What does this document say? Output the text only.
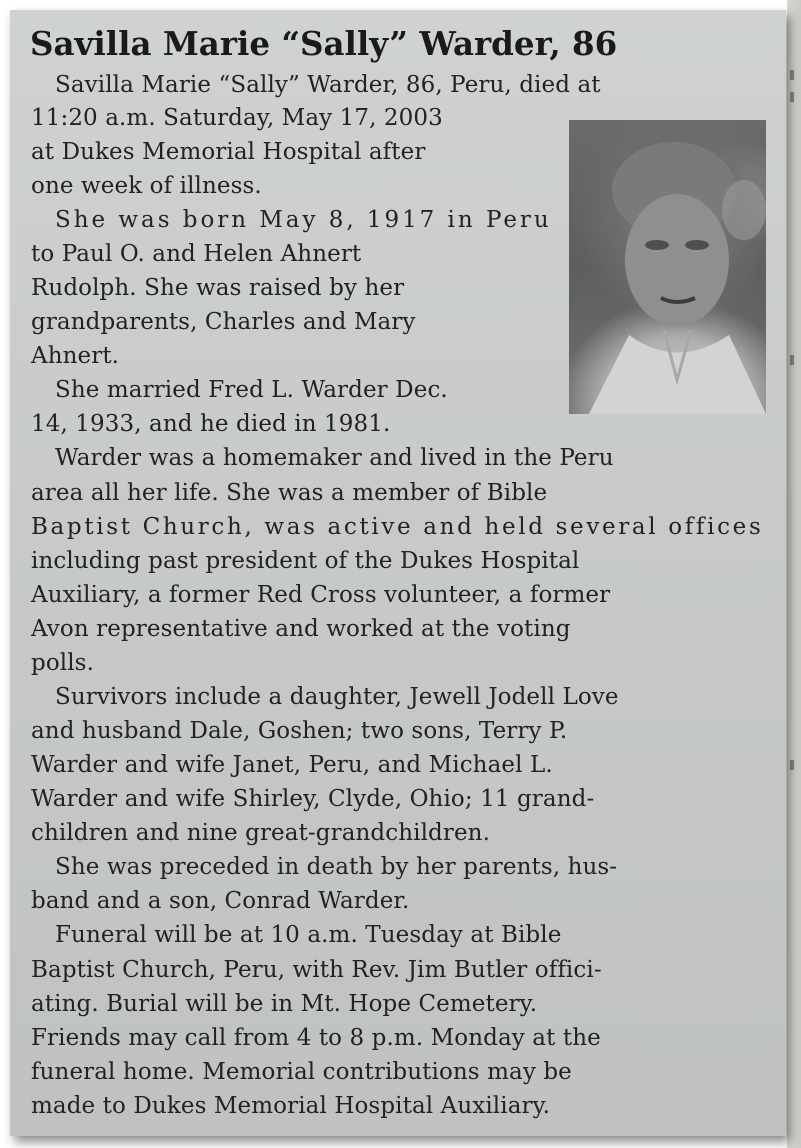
Savilla Marie “Sally” Warder, 86
Savilla Marie “Sally” Warder, 86, Peru, died at
11:20 a.m. Saturday, May 17, 2003
at Dukes Memorial Hospital after
one week of illness.
She was born May 8, 1917 in Peru
to Paul O. and Helen Ahnert
Rudolph. She was raised by her
grandparents, Charles and Mary
Ahnert.
She married Fred L. Warder Dec.
14, 1933, and he died in 1981.
Warder was a homemaker and lived in the Peru
area all her life. She was a member of Bible
Baptist Church, was active and held several offices
including past president of the Dukes Hospital
Auxiliary, a former Red Cross volunteer, a former
Avon representative and worked at the voting
polls.
Survivors include a daughter, Jewell Jodell Love
and husband Dale, Goshen; two sons, Terry P.
Warder and wife Janet, Peru, and Michael L.
Warder and wife Shirley, Clyde, Ohio; 11 grand-
children and nine great-grandchildren.
She was preceded in death by her parents, hus-
band and a son, Conrad Warder.
Funeral will be at 10 a.m. Tuesday at Bible
Baptist Church, Peru, with Rev. Jim Butler offici-
ating. Burial will be in Mt. Hope Cemetery.
Friends may call from 4 to 8 p.m. Monday at the
funeral home. Memorial contributions may be
made to Dukes Memorial Hospital Auxiliary.
